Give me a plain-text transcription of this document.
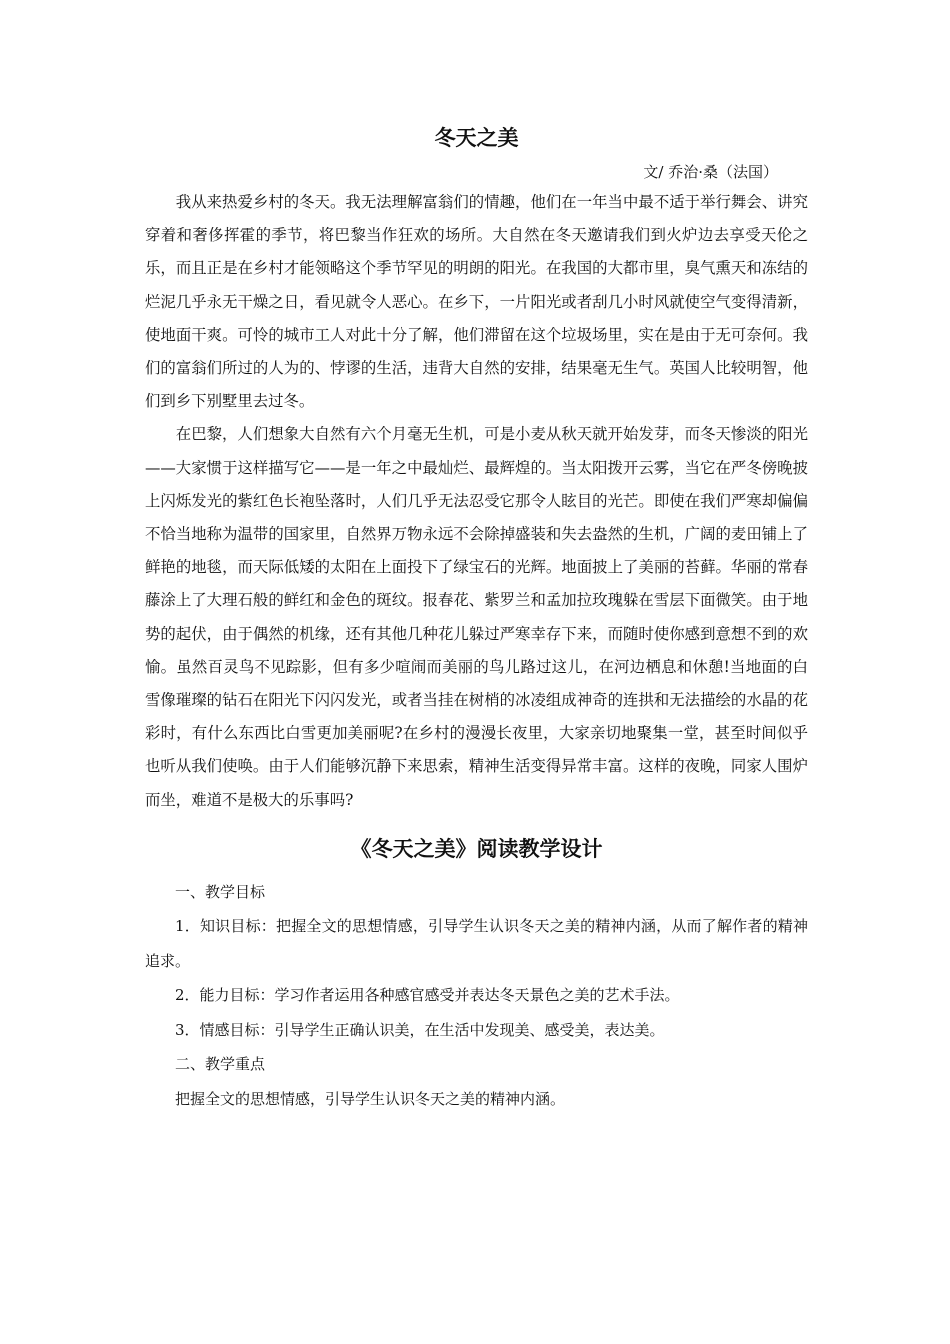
冬天之美

文/ 乔治·桑（法国）

我从来热爱乡村的冬天。我无法理解富翁们的情趣，他们在一年当中最不适于举行舞会、讲究穿着和奢侈挥霍的季节，将巴黎当作狂欢的场所。大自然在冬天邀请我们到火炉边去享受天伦之乐，而且正是在乡村才能领略这个季节罕见的明朗的阳光。在我国的大都市里，臭气熏天和冻结的烂泥几乎永无干燥之日，看见就令人恶心。在乡下，一片阳光或者刮几小时风就使空气变得清新，使地面干爽。可怜的城市工人对此十分了解，他们滞留在这个垃圾场里，实在是由于无可奈何。我们的富翁们所过的人为的、悖谬的生活，违背大自然的安排，结果毫无生气。英国人比较明智，他们到乡下别墅里去过冬。

在巴黎，人们想象大自然有六个月毫无生机，可是小麦从秋天就开始发芽，而冬天惨淡的阳光——大家惯于这样描写它——是一年之中最灿烂、最辉煌的。当太阳拨开云雾，当它在严冬傍晚披上闪烁发光的紫红色长袍坠落时，人们几乎无法忍受它那令人眩目的光芒。即使在我们严寒却偏偏不恰当地称为温带的国家里，自然界万物永远不会除掉盛装和失去盎然的生机，广阔的麦田铺上了鲜艳的地毯，而天际低矮的太阳在上面投下了绿宝石的光辉。地面披上了美丽的苔藓。华丽的常春藤涂上了大理石般的鲜红和金色的斑纹。报春花、紫罗兰和孟加拉玫瑰躲在雪层下面微笑。由于地势的起伏，由于偶然的机缘，还有其他几种花儿躲过严寒幸存下来，而随时使你感到意想不到的欢愉。虽然百灵鸟不见踪影，但有多少喧闹而美丽的鸟儿路过这儿，在河边栖息和休憩!当地面的白雪像璀璨的钻石在阳光下闪闪发光，或者当挂在树梢的冰凌组成神奇的连拱和无法描绘的水晶的花彩时，有什么东西比白雪更加美丽呢?在乡村的漫漫长夜里，大家亲切地聚集一堂，甚至时间似乎也听从我们使唤。由于人们能够沉静下来思索，精神生活变得异常丰富。这样的夜晚，同家人围炉而坐，难道不是极大的乐事吗?

《冬天之美》阅读教学设计

一、教学目标

1．知识目标：把握全文的思想情感，引导学生认识冬天之美的精神内涵，从而了解作者的精神追求。

2．能力目标：学习作者运用各种感官感受并表达冬天景色之美的艺术手法。

3．情感目标：引导学生正确认识美，在生活中发现美、感受美，表达美。

二、教学重点

把握全文的思想情感，引导学生认识冬天之美的精神内涵。
